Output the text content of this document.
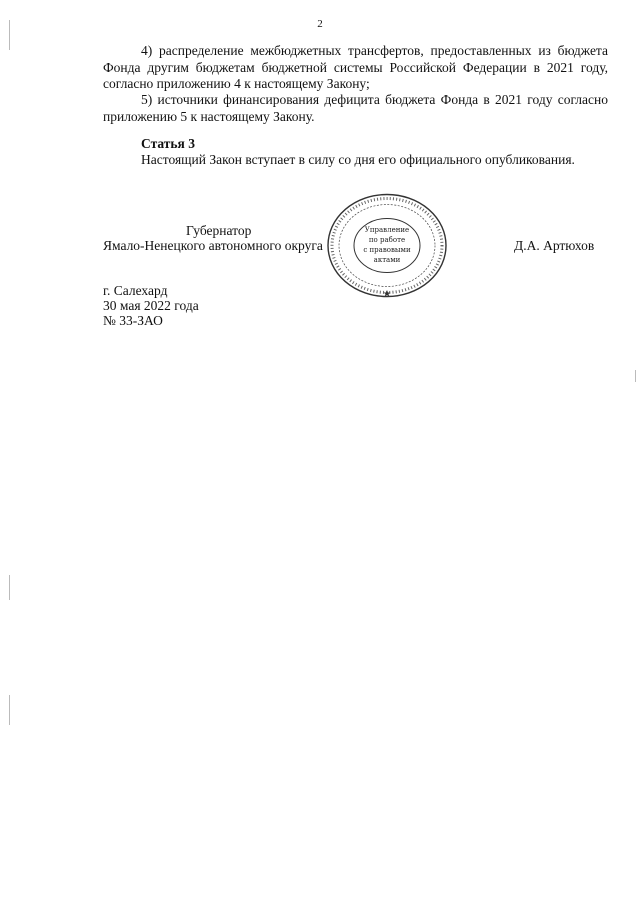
2

4) распределение межбюджетных трансфертов, предоставленных из бюджета Фонда другим бюджетам бюджетной системы Российской Федерации в 2021 году, согласно приложению 4 к настоящему Закону;

5) источники финансирования дефицита бюджета Фонда в 2021 году согласно приложению 5 к настоящему Закону.

Статья 3

Настоящий Закон вступает в силу со дня его официального опубликования.

Губернатор
Ямало-Ненецкого автономного округа	Д.А. Артюхов
Управление
по работе
с правовыми
актами
г. Салехард
30 мая 2022 года
№ 33-ЗАО
